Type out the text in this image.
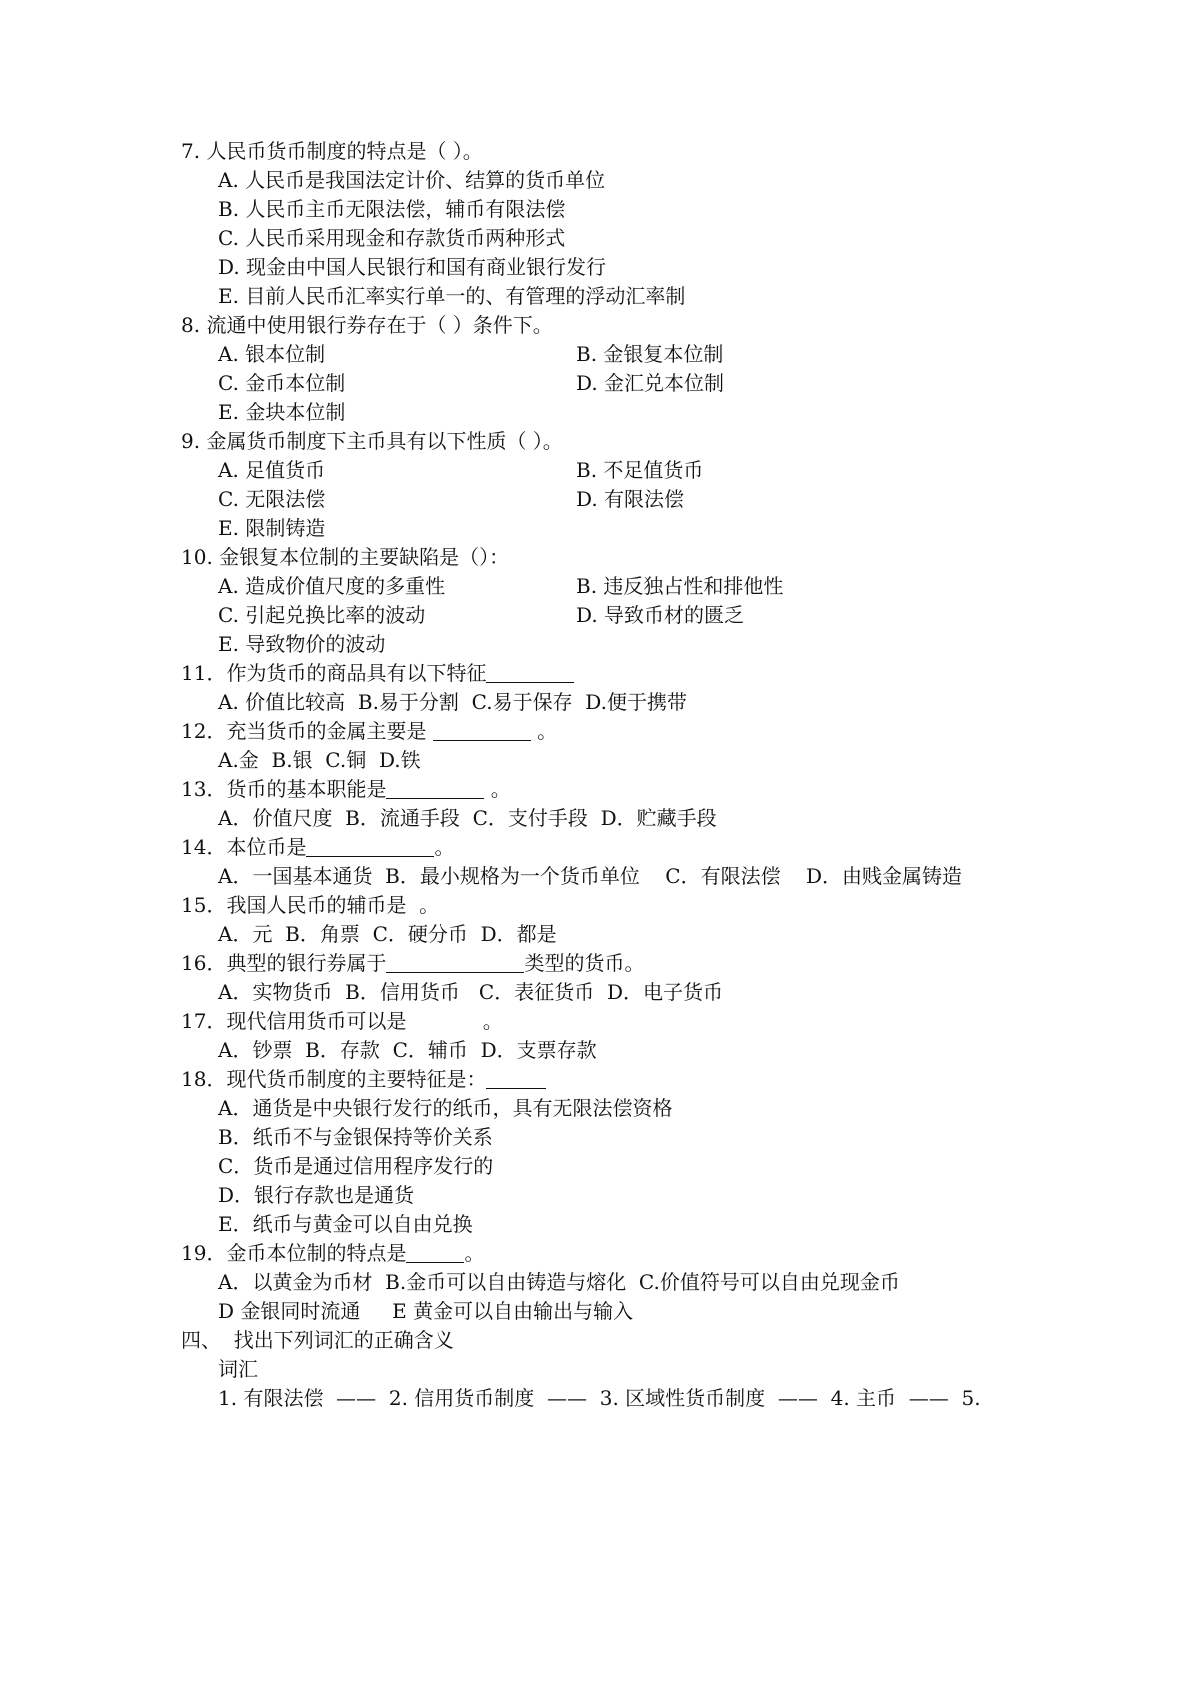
7. 人民币货币制度的特点是（ ）。
A. 人民币是我国法定计价、结算的货币单位
B. 人民币主币无限法偿，辅币有限法偿
C. 人民币采用现金和存款货币两种形式
D. 现金由中国人民银行和国有商业银行发行
E. 目前人民币汇率实行单一的、有管理的浮动汇率制
8. 流通中使用银行券存在于（ ）条件下。
A. 银本位制	B. 金银复本位制
C. 金币本位制	D. 金汇兑本位制
E. 金块本位制
9. 金属货币制度下主币具有以下性质（ ）。
A. 足值货币	B. 不足值货币
C. 无限法偿	D. 有限法偿
E. 限制铸造
10. 金银复本位制的主要缺陷是（）：
A. 造成价值尺度的多重性	B. 违反独占性和排他性
C. 引起兑换比率的波动	D. 导致币材的匮乏
E. 导致物价的波动
11．作为货币的商品具有以下特征
A. 价值比较高  B.易于分割  C.易于保存  D.便于携带
12．充当货币的金属主要是	。
A.金  B.银  C.铜  D.铁
13．货币的基本职能是	。
A．价值尺度  B．流通手段  C．支付手段  D．贮藏手段
14．本位币是	。
A．一国基本通货  B．最小规格为一个货币单位    C．有限法偿    D．由贱金属铸造
15．我国人民币的辅币是  。
A．元  B．角票  C．硬分币  D．都是
16．典型的银行券属于	类型的货币。
A．实物货币  B．信用货币   C．表征货币  D．电子货币
17．现代信用货币可以是            。
A．钞票  B．存款  C．辅币  D．支票存款
18．现代货币制度的主要特征是：
A．通货是中央银行发行的纸币，具有无限法偿资格
B．纸币不与金银保持等价关系
C．货币是通过信用程序发行的
D．银行存款也是通货
E．纸币与黄金可以自由兑换
19．金币本位制的特点是	。
A．以黄金为币材  B.金币可以自由铸造与熔化  C.价值符号可以自由兑现金币
D 金银同时流通     E 黄金可以自由输出与输入
四、  找出下列词汇的正确含义
词汇
1. 有限法偿  ——  2. 信用货币制度  ——  3. 区域性货币制度  ——  4. 主币  ——  5.
